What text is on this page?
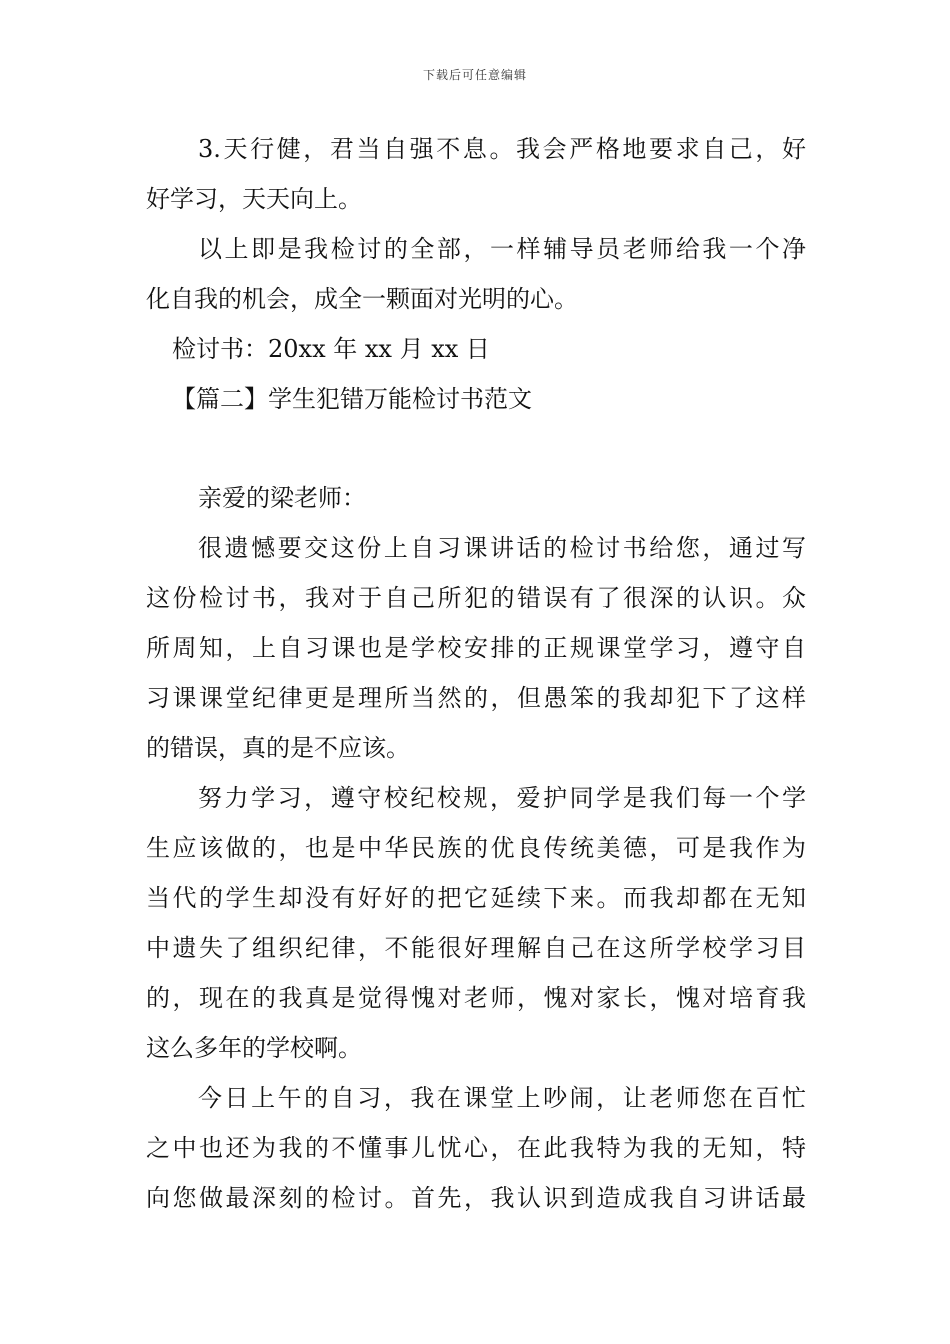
下载后可任意编辑
3.天行健，君当自强不息。我会严格地要求自己，好
好学习，天天向上。
以上即是我检讨的全部，一样辅导员老师给我一个净
化自我的机会，成全一颗面对光明的心。
检讨书：20xx 年 xx 月 xx 日
【篇二】学生犯错万能检讨书范文
亲爱的梁老师：
很遗憾要交这份上自习课讲话的检讨书给您，通过写
这份检讨书，我对于自己所犯的错误有了很深的认识。众
所周知，上自习课也是学校安排的正规课堂学习，遵守自
习课课堂纪律更是理所当然的，但愚笨的我却犯下了这样
的错误，真的是不应该。
努力学习，遵守校纪校规，爱护同学是我们每一个学
生应该做的，也是中华民族的优良传统美德，可是我作为
当代的学生却没有好好的把它延续下来。而我却都在无知
中遗失了组织纪律，不能很好理解自己在这所学校学习目
的，现在的我真是觉得愧对老师，愧对家长，愧对培育我
这么多年的学校啊。
今日上午的自习，我在课堂上吵闹，让老师您在百忙
之中也还为我的不懂事儿忧心，在此我特为我的无知，特
向您做最深刻的检讨。首先，我认识到造成我自习讲话最
